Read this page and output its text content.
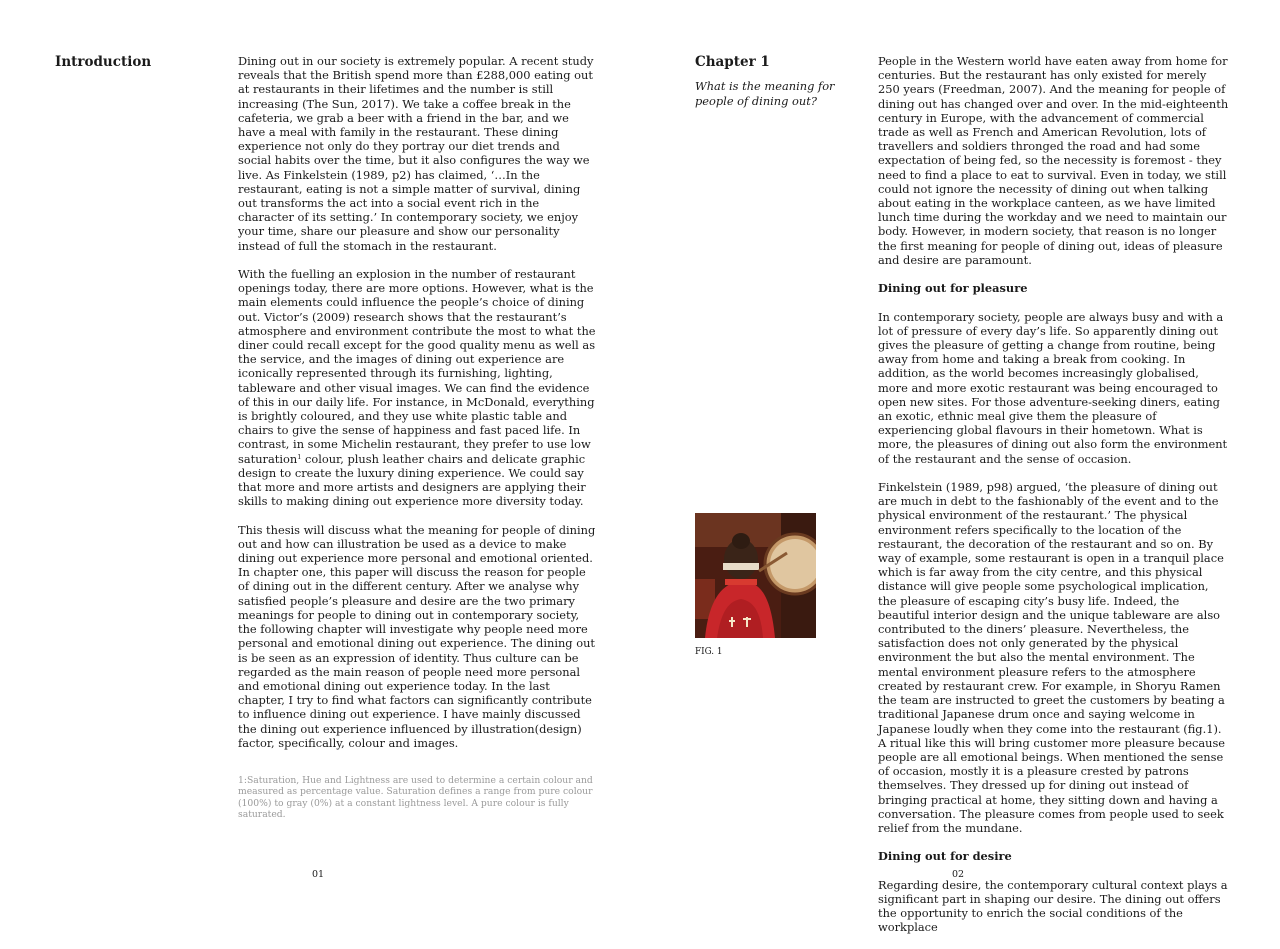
Introduction	Dining out in our society is extremely popular. A recent study reveals that the British spend more than £288,000 eating out at restaurants in their lifetimes and the number is still increasing (The Sun, 2017). We take a coffee break in the cafeteria, we grab a beer with a friend in the bar, and we have a meal with family in the restaurant. These dining experience not only do they portray our diet trends and social habits over the time, but it also configures the way we live. As Finkelstein (1989, p2) has claimed, ‘…In the restaurant, eating is not a simple matter of survival, dining out transforms the act into a social event rich in the character of its setting.’ In contemporary society, we enjoy your time, share our pleasure and show our personality instead of full the stomach in the restaurant.

With the fuelling an explosion in the number of restaurant openings today, there are more options. However, what is the main elements could influence the people’s choice of dining out. Victor’s (2009) research shows that the restaurant’s atmosphere and environment contribute the most to what the diner could recall except for the good quality menu as well as the service, and the images of dining out experience are iconically represented through its furnishing, lighting, tableware and other visual images. We can find the evidence of this in our daily life. For instance, in McDonald, everything is brightly coloured, and they use white plastic table and chairs to give the sense of happiness and fast paced life. In contrast, in some Michelin restaurant, they prefer to use low saturation$^1$ colour, plush leather chairs and delicate graphic design to create the luxury dining experience. We could say that more and more artists and designers are applying their skills to making dining out experience more diversity today.

This thesis will discuss what the meaning for people of dining out and how can illustration be used as a device to make dining out experience more personal and emotional oriented. In chapter one, this paper will discuss the reason for people of dining out in the different century. After we analyse why satisfied people’s pleasure and desire are the two primary meanings for people to dining out in contemporary society, the following chapter will investigate why people need more personal and emotional dining out experience. The dining out is be seen as an expression of identity. Thus culture can be regarded as the main reason of people need more personal and emotional dining out experience today. In the last chapter, I try to find what factors can significantly contribute to influence dining out experience. I have mainly discussed the dining out experience influenced by illustration(design) factor, specifically, colour and images.

1:Saturation, Hue and Lightness are used to determine a certain colour and measured as percentage value. Saturation defines a range from pure colour (100%) to gray (0%) at a constant lightness level. A pure colour is fully saturated.

01

Chapter 1

What is the meaning for people of dining out?

FIG. 1

People in the Western world have eaten away from home for centuries. But the restaurant has only existed for merely 250 years (Freedman, 2007). And the meaning for people of dining out has changed over and over. In the mid-eighteenth century in Europe, with the advancement of commercial trade as well as French and American Revolution, lots of travellers and soldiers thronged the road and had some expectation of being fed, so the necessity is foremost - they need to find a place to eat to survival. Even in today, we still could not ignore the necessity of dining out when talking about eating in the workplace canteen, as we have limited lunch time during the workday and we need to maintain our body. However, in modern society, that reason is no longer the first meaning for people of dining out, ideas of pleasure and desire are paramount.

Dining out for pleasure

In contemporary society, people are always busy and with a lot of pressure of every day’s life. So apparently dining out gives the pleasure of getting a change from routine, being away from home and taking a break from cooking. In addition, as the world becomes increasingly globalised, more and more exotic restaurant was being encouraged to open new sites. For those adventure-seeking diners, eating an exotic, ethnic meal give them the pleasure of experiencing global flavours in their hometown. What is more, the pleasures of dining out also form the environment of the restaurant and the sense of occasion.

Finkelstein (1989, p98) argued, ‘the pleasure of dining out are much in debt to the fashionably of the event and to the physical environment of the restaurant.’ The physical environment refers specifically to the location of the restaurant, the decoration of the restaurant and so on. By way of example, some restaurant is open in a tranquil place which is far away from the city centre, and this physical distance will give people some psychological implication, the pleasure of escaping city’s busy life. Indeed, the beautiful interior design and the unique tableware are also contributed to the diners’ pleasure. Nevertheless, the satisfaction does not only generated by the physical environment the but also the mental environment. The mental environment pleasure refers to the atmosphere created by restaurant crew. For example, in Shoryu Ramen the team are instructed to greet the customers by beating a traditional Japanese drum once and saying welcome in Japanese loudly when they come into the restaurant (fig.1). A ritual like this will bring customer more pleasure because people are all emotional beings. When mentioned the sense of occasion, mostly it is a pleasure crested by patrons themselves. They dressed up for dining out instead of bringing practical at home, they sitting down and having a conversation. The pleasure comes from people used to seek relief from the mundane.

Dining out for desire

Regarding desire, the contemporary cultural context plays a significant part in shaping our desire. The dining out offers the opportunity to enrich the social conditions of the workplace

02
